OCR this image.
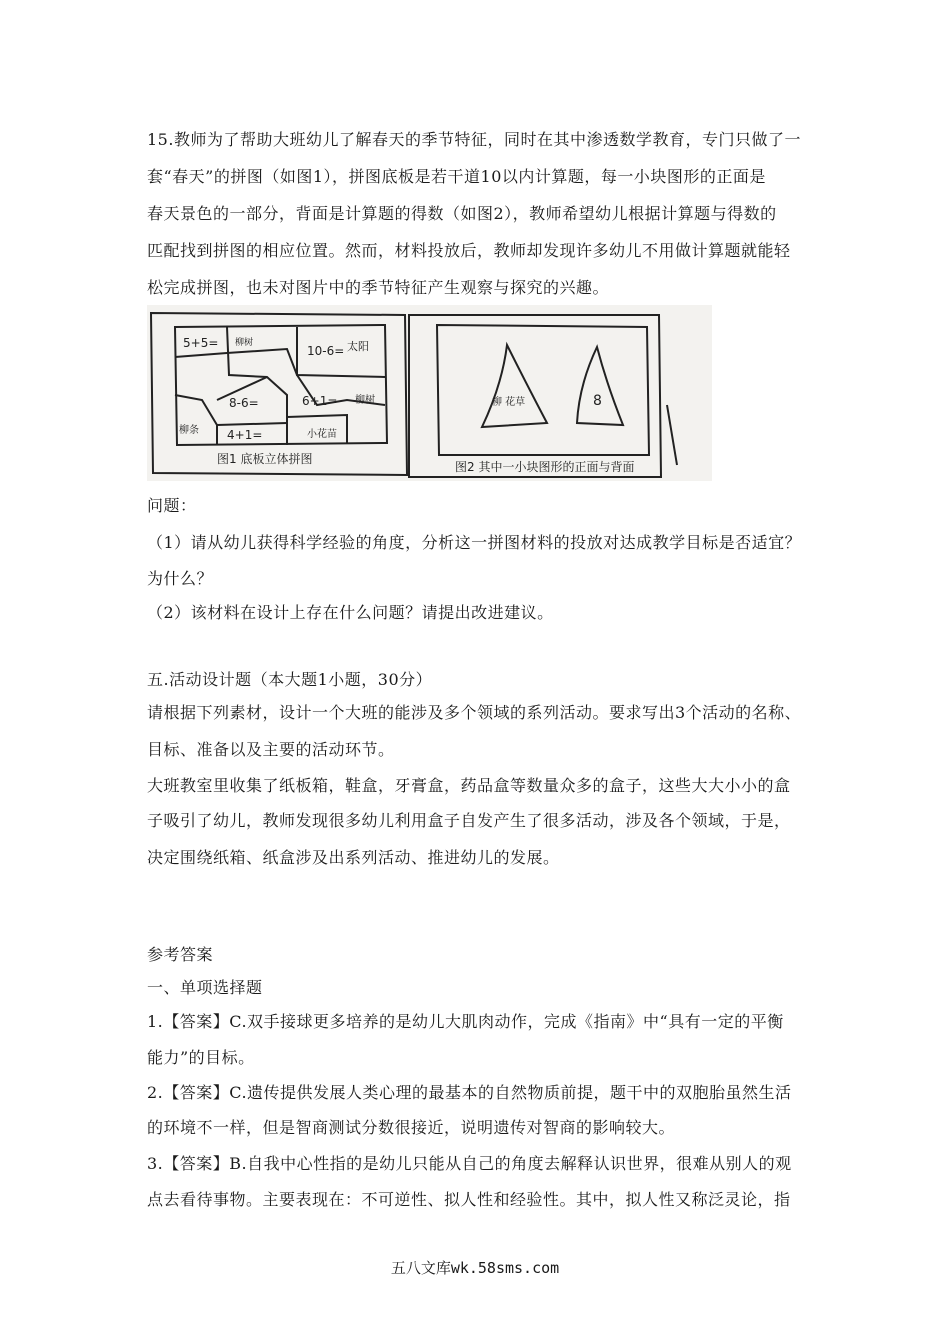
15.教师为了帮助大班幼儿了解春天的季节特征，同时在其中渗透数学教育，专门只做了一
套“春天”的拼图（如图1），拼图底板是若干道10以内计算题，每一小块图形的正面是
春天景色的一部分，背面是计算题的得数（如图2），教师希望幼儿根据计算题与得数的
匹配找到拼图的相应位置。然而，材料投放后，教师却发现许多幼儿不用做计算题就能轻
松完成拼图，也未对图片中的季节特征产生观察与探究的兴趣。
5+5= 柳树
10-6= 太阳
8-6=
柳条
6+1= 柳树
4+1=	小花苗
图1 底板立体拼图
柳 花草	8
图2 其中一小块图形的正面与背面
问题：
（1）请从幼儿获得科学经验的角度，分析这一拼图材料的投放对达成教学目标是否适宜？
为什么？
（2）该材料在设计上存在什么问题？请提出改进建议。
五.活动设计题（本大题1小题，30分）
请根据下列素材，设计一个大班的能涉及多个领域的系列活动。要求写出3个活动的名称、
目标、准备以及主要的活动环节。
大班教室里收集了纸板箱，鞋盒，牙膏盒，药品盒等数量众多的盒子，这些大大小小的盒
子吸引了幼儿，教师发现很多幼儿利用盒子自发产生了很多活动，涉及各个领域，于是，
决定围绕纸箱、纸盒涉及出系列活动、推进幼儿的发展。
参考答案
一、单项选择题
1.【答案】C.双手接球更多培养的是幼儿大肌肉动作，完成《指南》中“具有一定的平衡
能力”的目标。
2.【答案】C.遗传提供发展人类心理的最基本的自然物质前提，题干中的双胞胎虽然生活
的环境不一样，但是智商测试分数很接近，说明遗传对智商的影响较大。
3.【答案】B.自我中心性指的是幼儿只能从自己的角度去解释认识世界，很难从别人的观
点去看待事物。主要表现在：不可逆性、拟人性和经验性。其中，拟人性又称泛灵论，指
五八文库wk.58sms.com
